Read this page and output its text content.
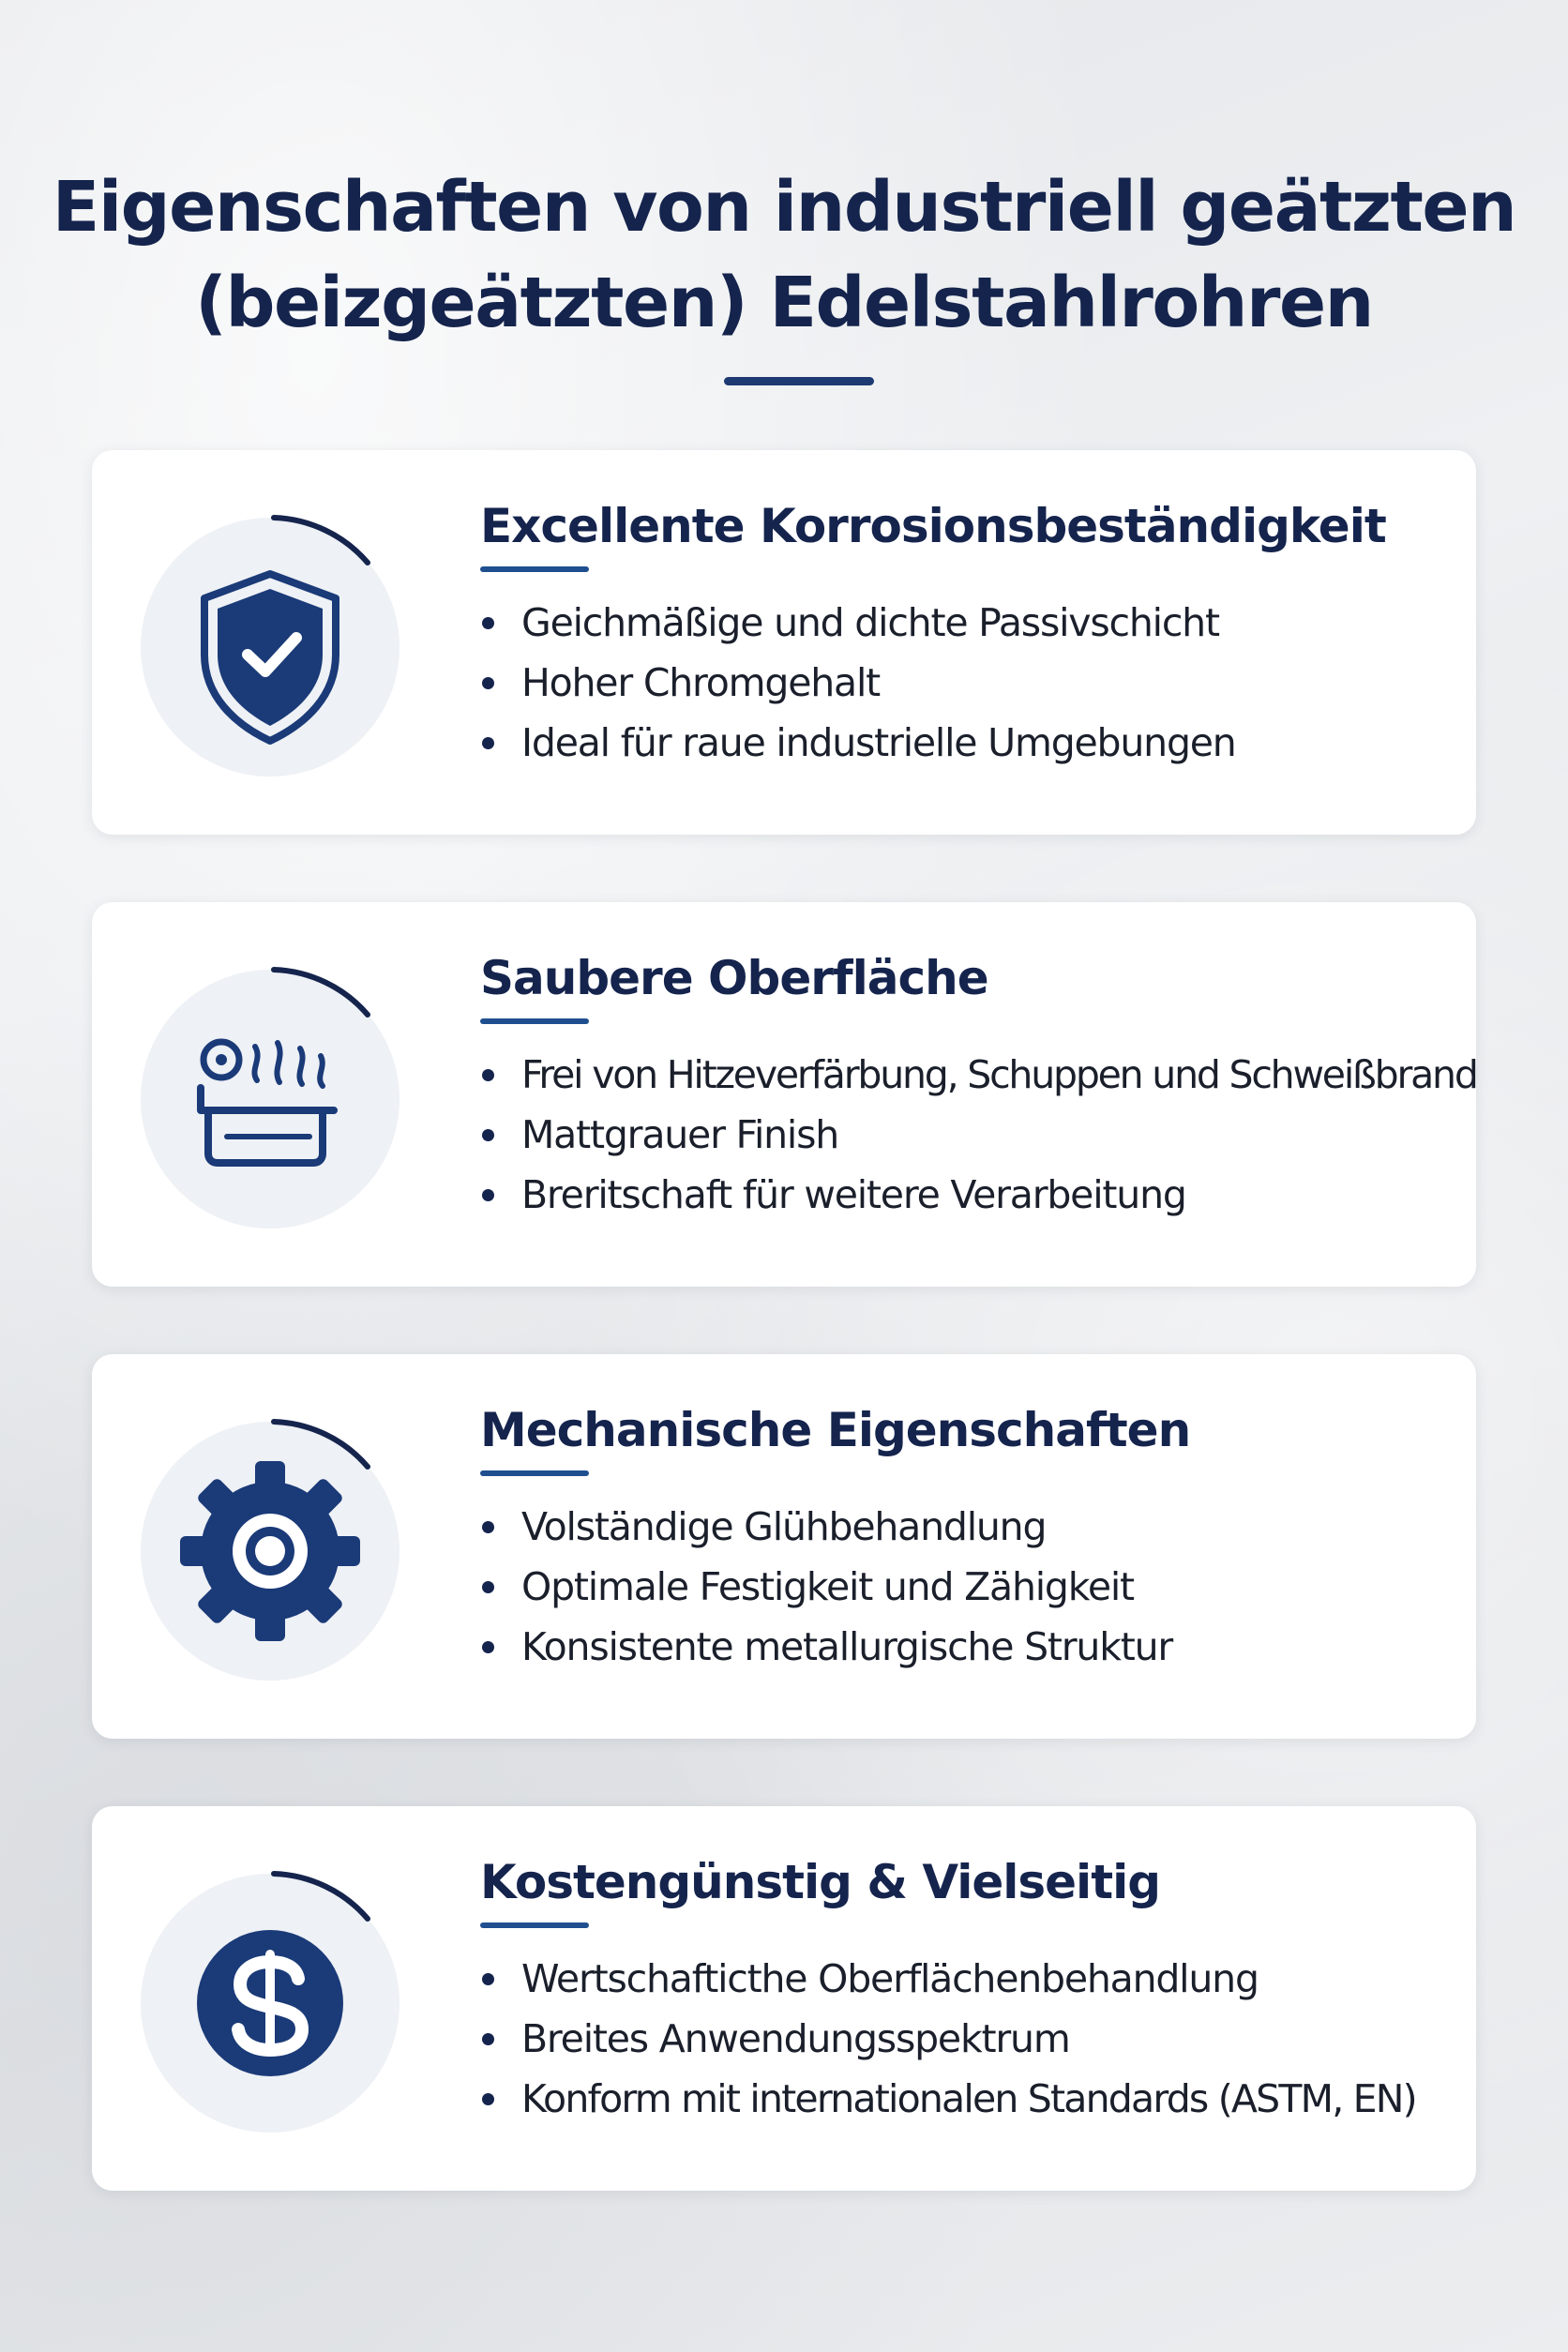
Eigenschaften von industriell geätzten
(beizgeätzten) Edelstahlrohren
Excellente Korrosionsbeständigkeit
Geichmäßige und dichte Passivschicht
Hoher Chromgehalt
Ideal für raue industrielle Umgebungen
Saubere Oberfläche
Frei von Hitzeverfärbung, Schuppen und Schweißbrand
Mattgrauer Finish
Breritschaft für weitere Verarbeitung
Mechanische Eigenschaften
Volständige Glühbehandlung
Optimale Festigkeit und Zähigkeit
Konsistente metallurgische Struktur
Kostengünstig & Vielseitig
Wertschafticthe Oberflächenbehandlung
Breites Anwendungsspektrum
Konform mit internationalen Standards (ASTM, EN)
